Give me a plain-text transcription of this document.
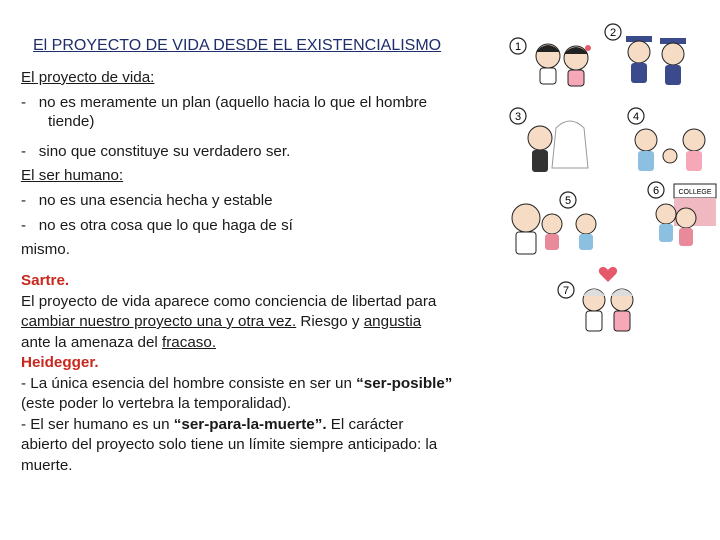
El PROYECTO DE VIDA DESDE EL EXISTENCIALISMO
El proyecto de vida:
- no es meramente un plan (aquello hacia lo que el hombre
tiende)
- sino que constituye su verdadero ser.
El ser humano:
- no es una esencia hecha y estable
- no es otra cosa que lo que haga de sí
mismo.
Sartre.
El proyecto de vida aparece como conciencia de libertad para
cambiar nuestro proyecto una y otra vez. Riesgo y angustia
ante la amenaza del fracaso.
Heidegger.
- La única esencia del hombre consiste en ser un “ser-posible”
(este poder lo vertebra la temporalidad).
- El ser humano es un “ser-para-la-muerte”. El carácter
abierto del proyecto solo tiene un límite siempre anticipado: la
muerte.
1
2
3	4
5
6	COLLEGE
7
